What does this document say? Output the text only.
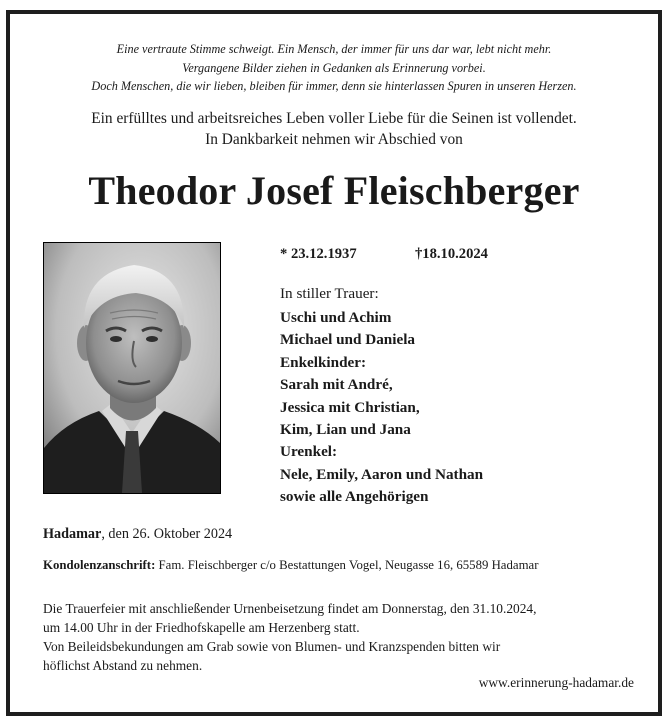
Eine vertraute Stimme schweigt. Ein Mensch, der immer für uns dar war, lebt nicht mehr.
Vergangene Bilder ziehen in Gedanken als Erinnerung vorbei.
Doch Menschen, die wir lieben, bleiben für immer, denn sie hinterlassen Spuren in unseren Herzen.
Ein erfülltes und arbeitsreiches Leben voller Liebe für die Seinen ist vollendet.
In Dankbarkeit nehmen wir Abschied von
Theodor Josef Fleischberger
* 23.12.1937	†18.10.2024
In stiller Trauer:
Uschi und Achim
Michael und Daniela
Enkelkinder:
Sarah mit André,
Jessica mit Christian,
Kim, Lian und Jana
Urenkel:
Nele, Emily, Aaron und Nathan
sowie alle Angehörigen
Hadamar, den 26. Oktober 2024
Kondolenzanschrift: Fam. Fleischberger c/o Bestattungen Vogel, Neugasse 16, 65589 Hadamar
Die Trauerfeier mit anschließender Urnenbeisetzung findet am Donnerstag, den 31.10.2024,
um 14.00 Uhr in der Friedhofskapelle am Herzenberg statt.
Von Beileidsbekundungen am Grab sowie von Blumen- und Kranzspenden bitten wir
höflichst Abstand zu nehmen.
www.erinnerung-hadamar.de
